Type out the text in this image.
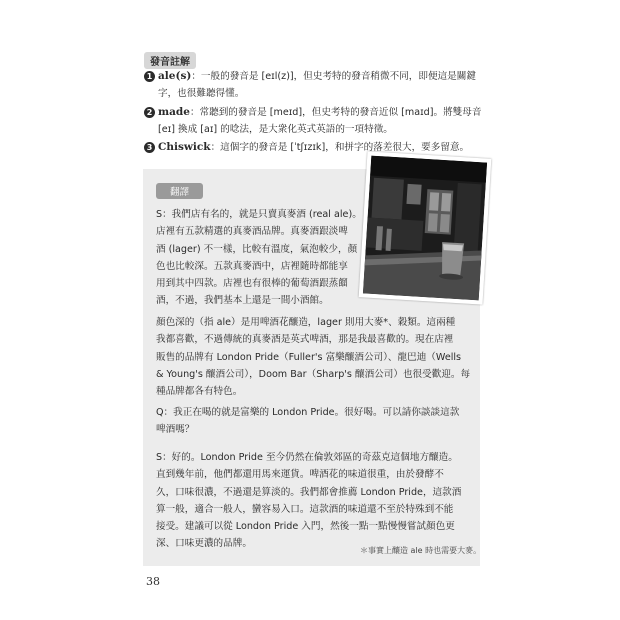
發音註解
1 ale(s)：一般的發音是 [eɪl(z)]，但史考特的發音稍微不同，即便這是關鍵
字，也很難聽得懂。
2 made：常聽到的發音是 [meɪd]，但史考特的發音近似 [maɪd]。將雙母音
[eɪ] 換成 [aɪ] 的唸法，是大衆化英式英語的一項特徵。
3 Chiswick：這個字的發音是 [ˈtʃɪzɪk]，和拼字的落差很大，要多留意。
翻譯
S：我們店有名的，就是只賣真麥酒 (real ale)。
店裡有五款精選的真麥酒品牌。真麥酒跟淡啤
酒 (lager) 不一樣，比較有溫度，氣泡較少，顏
色也比較深。五款真麥酒中，店裡隨時都能享
用到其中四款。店裡也有很棒的葡萄酒跟蒸餾
酒，不過，我們基本上還是一間小酒館。
顏色深的（指 ale）是用啤酒花釀造，lager 則用大麥*、穀類。這兩種
我都喜歡，不過傳統的真麥酒是英式啤酒，那是我最喜歡的。現在店裡
販售的品牌有 London Pride（Fuller's 富樂釀酒公司）、龍巴迪（Wells
& Young's 釀酒公司），Doom Bar（Sharp's 釀酒公司）也很受歡迎。每
種品牌都各有特色。
Q：我正在喝的就是富樂的 London Pride。很好喝。可以請你談談這款
啤酒嗎？
S：好的。London Pride 至今仍然在倫敦郊區的奇茲克這個地方釀造。
直到幾年前，他們都還用馬來運貨。啤酒花的味道很重，由於發酵不
久，口味很濃，不過還是算淡的。我們都會推薦 London Pride，這款酒
算一般，適合一般人，蠻容易入口。這款酒的味道還不至於特殊到不能
接受。建議可以從 London Pride 入門，然後一點一點慢慢嘗試顏色更
深、口味更濃的品牌。
＊事實上釀造 ale 時也需要大麥。
38
